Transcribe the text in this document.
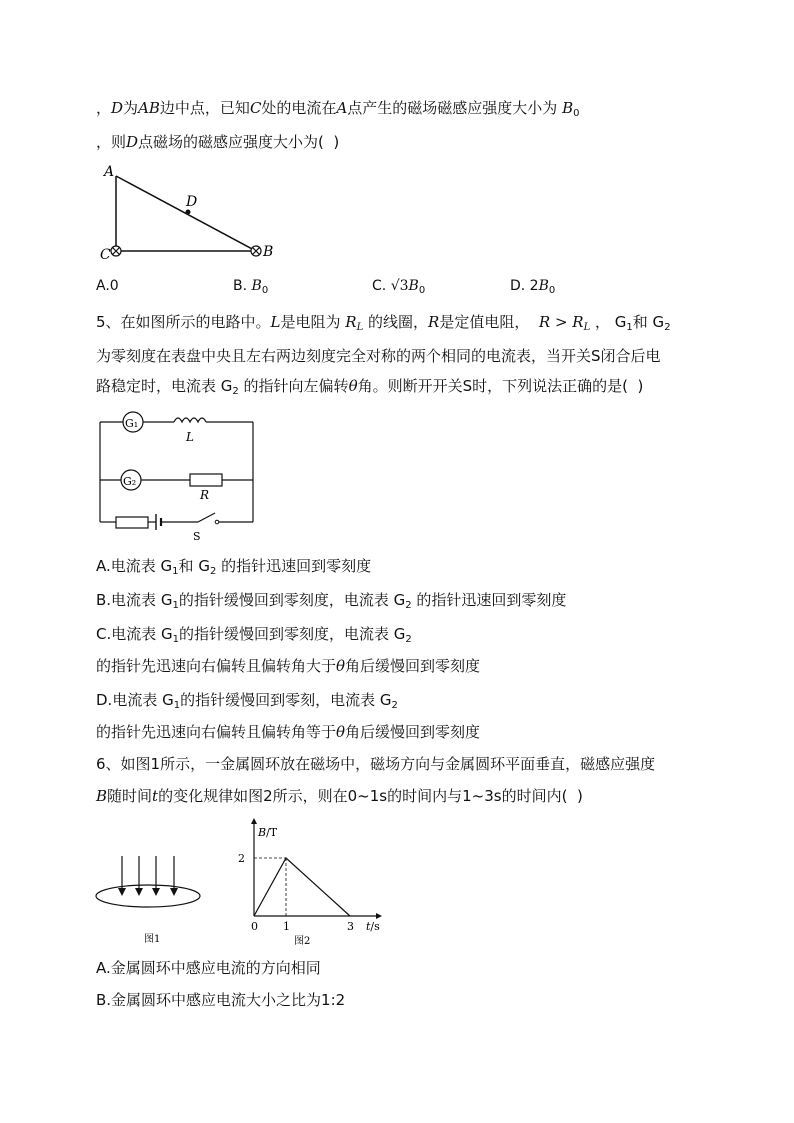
，D为AB边中点，已知C处的电流在A点产生的磁场磁感应强度大小为 $B_0$
，则D点磁场的磁感应强度大小为(  )
A
D
C	B
A.0	B. $B_0$	C. $√3B_0$	D. $2B_0$
5、在如图所示的电路中。L是电阻为 $R_L$ 的线圈，R是定值电阻，  $R > R_L$ ， $G_1$和 $G_2$
为零刻度在表盘中央且左右两边刻度完全对称的两个相同的电流表，当开关S闭合后电
路稳定时，电流表 $G_2$ 的指针向左偏转θ角。则断开开关S时，下列说法正确的是(  )
G₁
L
G₂
R
S
A.电流表 $G_1$和 $G_2$ 的指针迅速回到零刻度
B.电流表 $G_1$的指针缓慢回到零刻度，电流表 $G_2$ 的指针迅速回到零刻度
C.电流表 $G_1$的指针缓慢回到零刻度，电流表 $G_2$
的指针先迅速向右偏转且偏转角大于θ角后缓慢回到零刻度
D.电流表 $G_1$的指针缓慢回到零刻，电流表 $G_2$
的指针先迅速向右偏转且偏转角等于θ角后缓慢回到零刻度
6、如图1所示，一金属圆环放在磁场中，磁场方向与金属圆环平面垂直，磁感应强度
B随时间t的变化规律如图2所示，则在0~1s的时间内与1~3s的时间内(  )
图1
0 1	3
2
B/T
t/s
图2
A.金属圆环中感应电流的方向相同
B.金属圆环中感应电流大小之比为1:2
